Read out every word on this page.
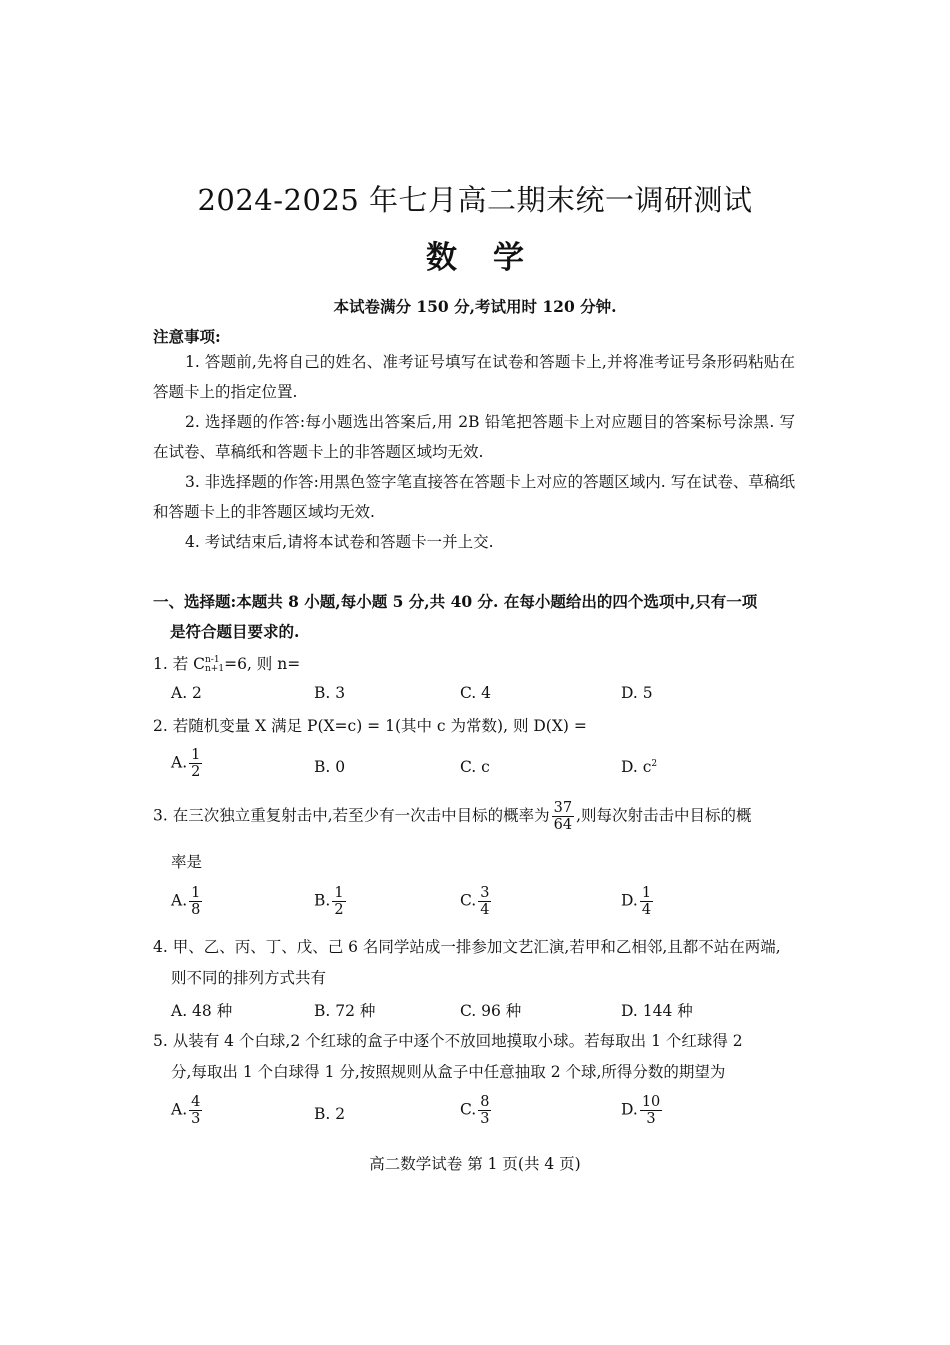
2024-2025 年七月高二期末统一调研测试
数学
本试卷满分 150 分,考试用时 120 分钟.
注意事项:
1. 答题前,先将自己的姓名、准考证号填写在试卷和答题卡上,并将准考证号条形码粘贴在答题卡上的指定位置.
2. 选择题的作答:每小题选出答案后,用 2B 铅笔把答题卡上对应题目的答案标号涂黑. 写在试卷、草稿纸和答题卡上的非答题区域均无效.
3. 非选择题的作答:用黑色签字笔直接答在答题卡上对应的答题区域内. 写在试卷、草稿纸和答题卡上的非答题区域均无效.
4. 考试结束后,请将本试卷和答题卡一并上交.
一、选择题:本题共 8 小题,每小题 5 分,共 40 分. 在每小题给出的四个选项中,只有一项
是符合题目要求的.
1. 若 C n-1
n+1 =6, 则 n=
A. 2	B. 3	C. 4	D. 5
2. 若随机变量 X 满足 P(X=c) = 1(其中 c 为常数), 则 D(X) =
A. $\frac{1}{2}$	B. 0	C. c	D. $c^2$
3. 在三次独立重复射击中,若至少有一次击中目标的概率为 $\frac{37}{64}$ ,则每次射击击中目标的概
率是
A. $\frac{1}{8}$	B. $\frac{1}{2}$	C. $\frac{3}{4}$	D. $\frac{1}{4}$
4. 甲、乙、丙、丁、戊、己 6 名同学站成一排参加文艺汇演,若甲和乙相邻,且都不站在两端,
则不同的排列方式共有
A. 48 种	B. 72 种	C. 96 种	D. 144 种
5. 从装有 4 个白球,2 个红球的盒子中逐个不放回地摸取小球。若每取出 1 个红球得 2
分,每取出 1 个白球得 1 分,按照规则从盒子中任意抽取 2 个球,所得分数的期望为
A. $\frac{4}{3}$	B. 2	C. $\frac{8}{3}$	D. $\frac{10}{3}$
高二数学试卷 第 1 页(共 4 页)
